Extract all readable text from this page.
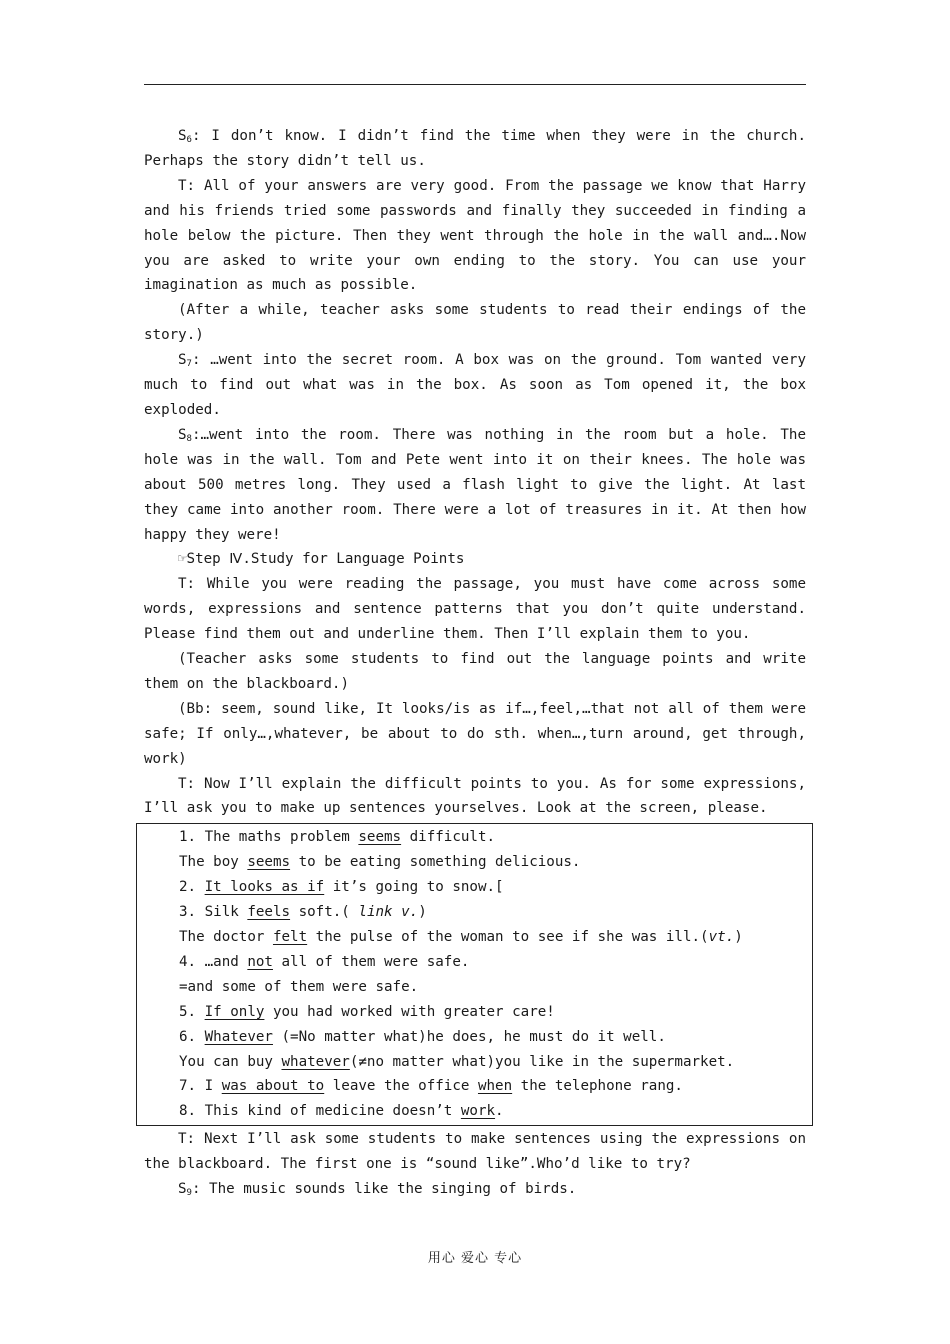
$S_6$: I don’t know. I didn’t find the time when they were in the church. Perhaps the story didn’t tell us.

T: All of your answers are very good. From the passage we know that Harry and his friends tried some passwords and finally they succeeded in finding a hole below the picture. Then they went through the hole in the wall and….Now you are asked to write your own ending to the story. You can use your imagination as much as possible.

(After a while, teacher asks some students to read their endings of the story.)

$S_7$: …went into the secret room. A box was on the ground. Tom wanted very much to find out what was in the box. As soon as Tom opened it, the box exploded.

$S_8:\dots went$ into the room. There was nothing in the room but a hole. The hole was in the wall. Tom and Pete went into it on their knees. The hole was about 500 metres long. They used a flash light to give the light. At last they came into another room. There were a lot of treasures in it. At then how happy they were!

☞Step Ⅳ.Study for Language Points

T: While you were reading the passage, you must have come across some words, expressions and sentence patterns that you don’t quite understand. Please find them out and underline them. Then I’ll explain them to you.

(Teacher asks some students to find out the language points and write them on the blackboard.)

(Bb: seem, sound like, It looks/is as if…,feel,…that not all of them were safe; If only…,whatever, be about to do sth. when…,turn around, get through, work)

T: Now I’ll explain the difficult points to you. As for some expressions, I’ll ask you to make up sentences yourselves. Look at the screen, please.

1. The maths problem seems difficult.
The boy seems to be eating something delicious.
2. It looks as if it’s going to snow.[
3. Silk feels soft.( link v.)
The doctor felt the pulse of the woman to see if she was ill.(vt.)
4. …and not all of them were safe.
=and some of them were safe.
5. If only you had worked with greater care!
6. Whatever (=No matter what)he does, he must do it well.
You can buy whatever(≠no matter what)you like in the supermarket.
7. I was about to leave the office when the telephone rang.
8. This kind of medicine doesn’t work.

T: Next I’ll ask some students to make sentences using the expressions on the blackboard. The first one is “sound like”.Who’d like to try?

$S_9$: The music sounds like the singing of birds.

用心 爱心 专心
